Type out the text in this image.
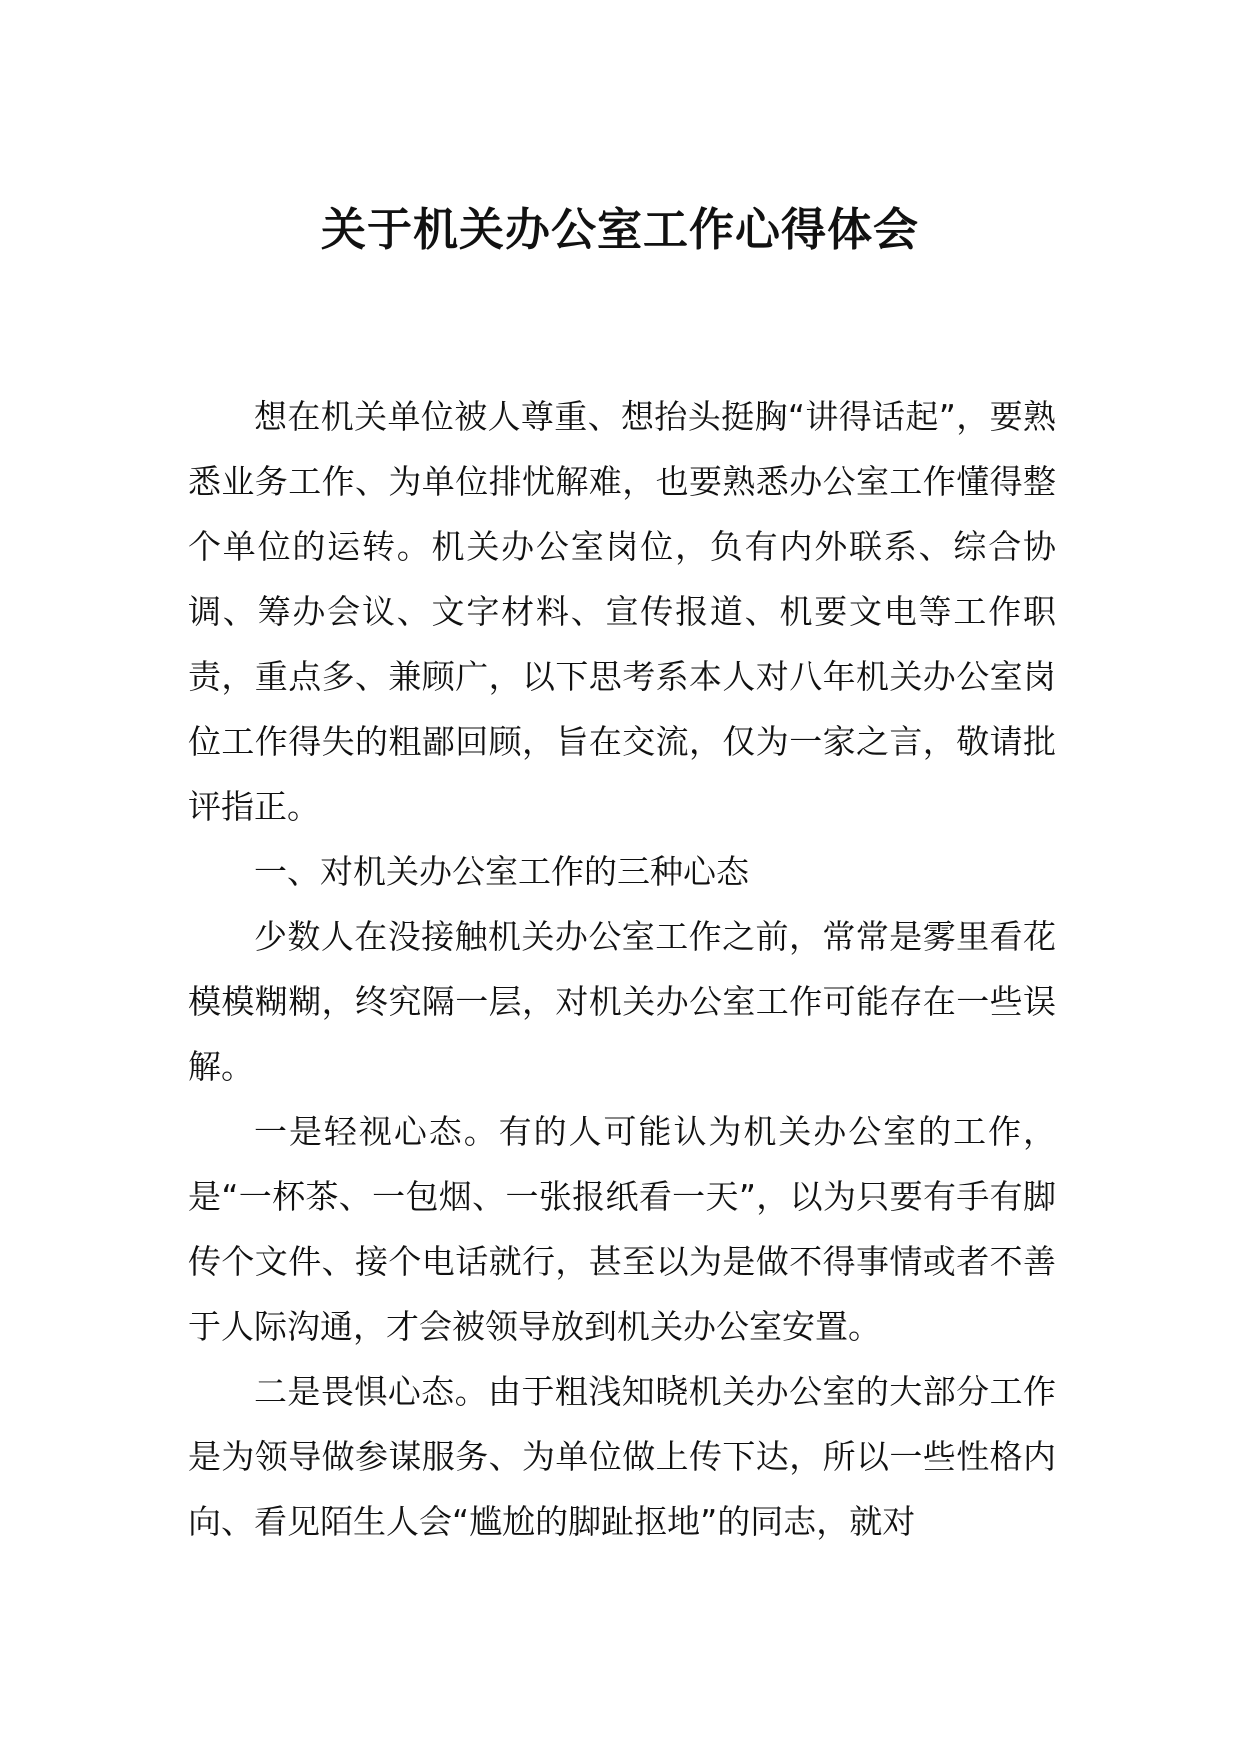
关于机关办公室工作心得体会

想在机关单位被人尊重、想抬头挺胸“讲得话起”，要熟悉业务工作、为单位排忧解难，也要熟悉办公室工作懂得整个单位的运转。机关办公室岗位，负有内外联系、综合协调、筹办会议、文字材料、宣传报道、机要文电等工作职责，重点多、兼顾广，以下思考系本人对八年机关办公室岗位工作得失的粗鄙回顾，旨在交流，仅为一家之言，敬请批评指正。

一、对机关办公室工作的三种心态

少数人在没接触机关办公室工作之前，常常是雾里看花模模糊糊，终究隔一层，对机关办公室工作可能存在一些误解。

一是轻视心态。有的人可能认为机关办公室的工作，是“一杯茶、一包烟、一张报纸看一天”，以为只要有手有脚传个文件、接个电话就行，甚至以为是做不得事情或者不善于人际沟通，才会被领导放到机关办公室安置。

二是畏惧心态。由于粗浅知晓机关办公室的大部分工作是为领导做参谋服务、为单位做上传下达，所以一些性格内向、看见陌生人会“尴尬的脚趾抠地”的同志，就对
